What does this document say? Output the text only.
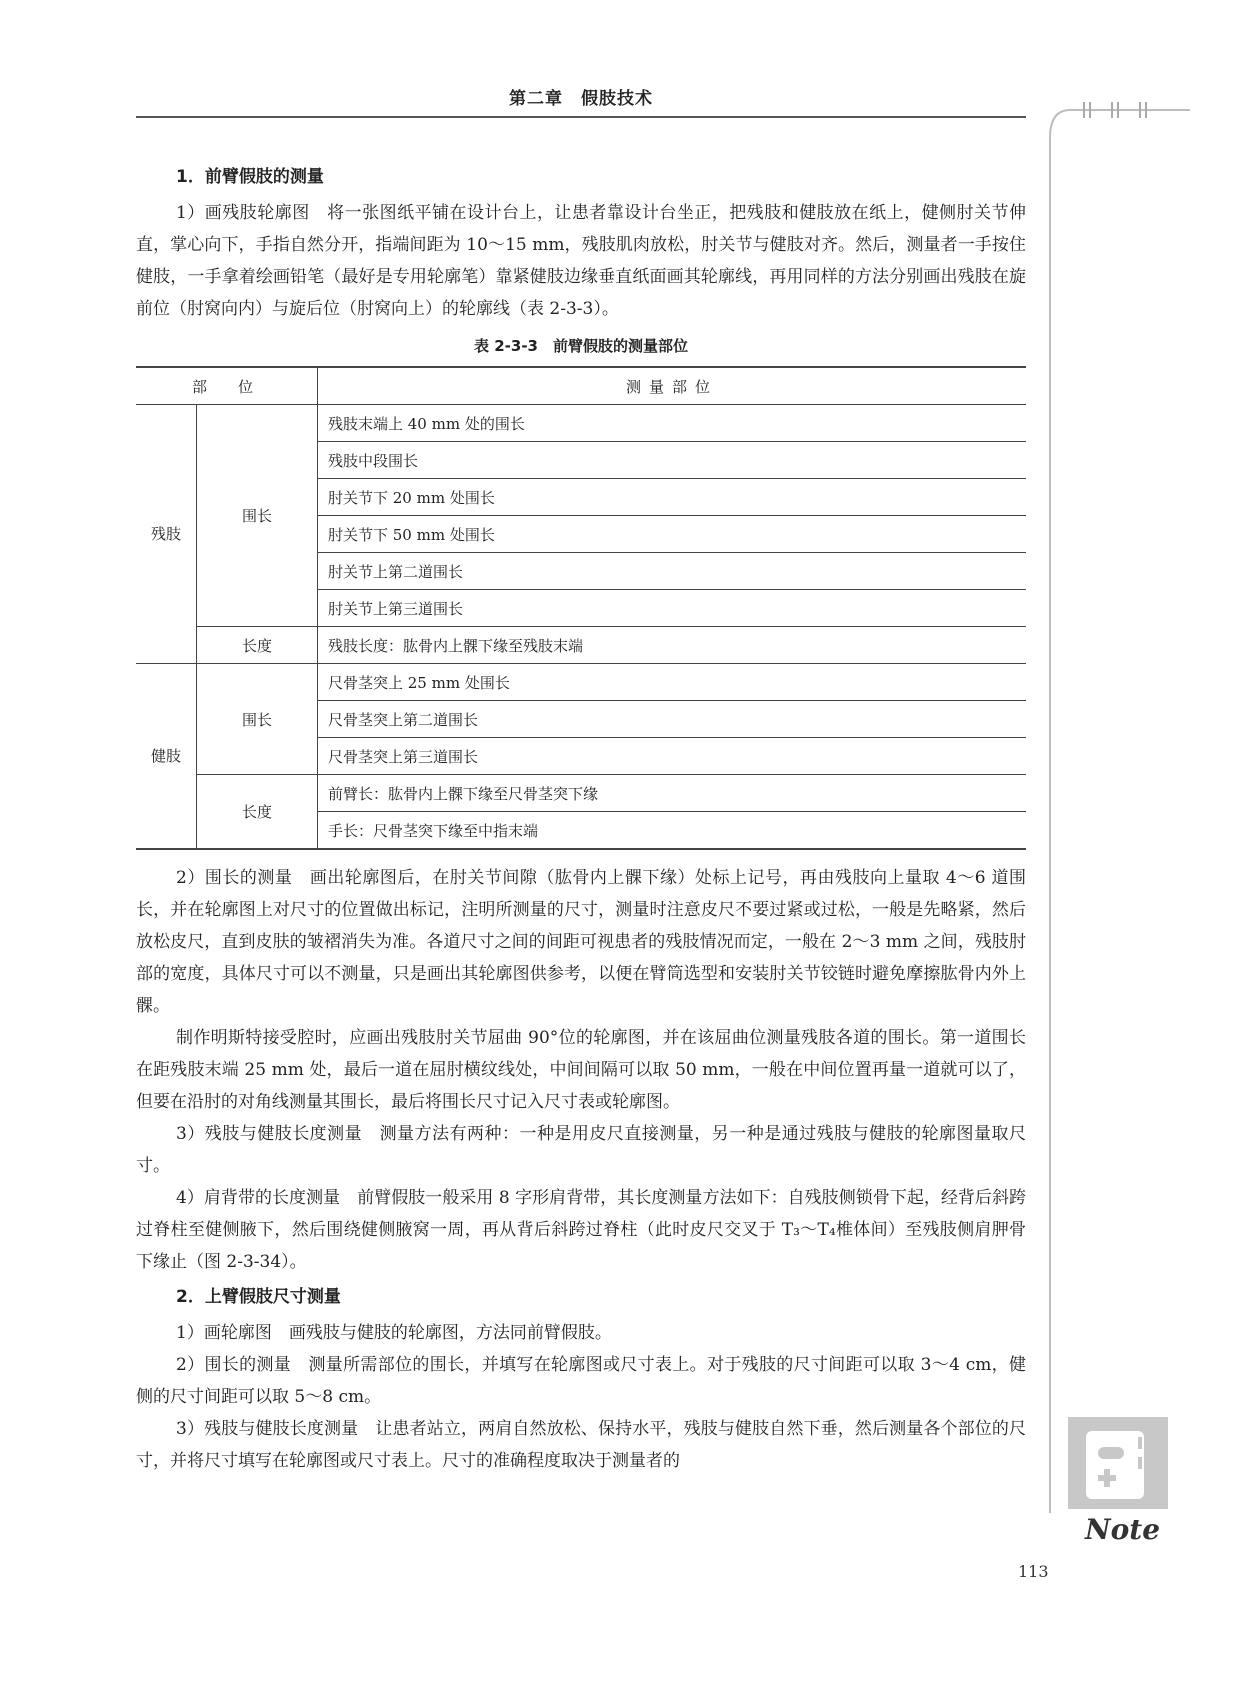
第二章　假肢技术
1．前臂假肢的测量

1）画残肢轮廓图　将一张图纸平铺在设计台上，让患者靠设计台坐正，把残肢和健肢放在纸上，健侧肘关节伸直，掌心向下，手指自然分开，指端间距为 10～15 mm，残肢肌肉放松，肘关节与健肢对齐。然后，测量者一手按住健肢，一手拿着绘画铅笔（最好是专用轮廓笔）靠紧健肢边缘垂直纸面画其轮廓线，再用同样的方法分别画出残肢在旋前位（肘窝向内）与旋后位（肘窝向上）的轮廓线（表 2-3-3）。

表 2-3-3　前臂假肢的测量部位
部　位		测量部位
残肢	围长	残肢末端上 40 mm 处的围长
		残肢中段围长
		肘关节下 20 mm 处围长
		肘关节下 50 mm 处围长
		肘关节上第二道围长
		肘关节上第三道围长
	长度	残肢长度：肱骨内上髁下缘至残肢末端
健肢	围长	尺骨茎突上 25 mm 处围长
		尺骨茎突上第二道围长
		尺骨茎突上第三道围长
	长度	前臂长：肱骨内上髁下缘至尺骨茎突下缘
		手长：尺骨茎突下缘至中指末端

2）围长的测量　画出轮廓图后，在肘关节间隙（肱骨内上髁下缘）处标上记号，再由残肢向上量取 4～6 道围长，并在轮廓图上对尺寸的位置做出标记，注明所测量的尺寸，测量时注意皮尺不要过紧或过松，一般是先略紧，然后放松皮尺，直到皮肤的皱褶消失为准。各道尺寸之间的间距可视患者的残肢情况而定，一般在 2～3 mm 之间，残肢肘部的宽度，具体尺寸可以不测量，只是画出其轮廓图供参考，以便在臂筒选型和安装肘关节铰链时避免摩擦肱骨内外上髁。

制作明斯特接受腔时，应画出残肢肘关节屈曲 90°位的轮廓图，并在该屈曲位测量残肢各道的围长。第一道围长在距残肢末端 25 mm 处，最后一道在屈肘横纹线处，中间间隔可以取 50 mm，一般在中间位置再量一道就可以了，但要在沿肘的对角线测量其围长，最后将围长尺寸记入尺寸表或轮廓图。

3）残肢与健肢长度测量　测量方法有两种：一种是用皮尺直接测量，另一种是通过残肢与健肢的轮廓图量取尺寸。

4）肩背带的长度测量　前臂假肢一般采用 8 字形肩背带，其长度测量方法如下：自残肢侧锁骨下起，经背后斜跨过脊柱至健侧腋下，然后围绕健侧腋窝一周，再从背后斜跨过脊柱（此时皮尺交叉于 T₃～T₄椎体间）至残肢侧肩胛骨下缘止（图 2-3-34）。

2．上臂假肢尺寸测量

1）画轮廓图　画残肢与健肢的轮廓图，方法同前臂假肢。

2）围长的测量　测量所需部位的围长，并填写在轮廓图或尺寸表上。对于残肢的尺寸间距可以取 3～4 cm，健侧的尺寸间距可以取 5～8 cm。

3）残肢与健肢长度测量　让患者站立，两肩自然放松、保持水平，残肢与健肢自然下垂，然后测量各个部位的尺寸，并将尺寸填写在轮廓图或尺寸表上。尺寸的准确程度取决于测量者的

Note
113
